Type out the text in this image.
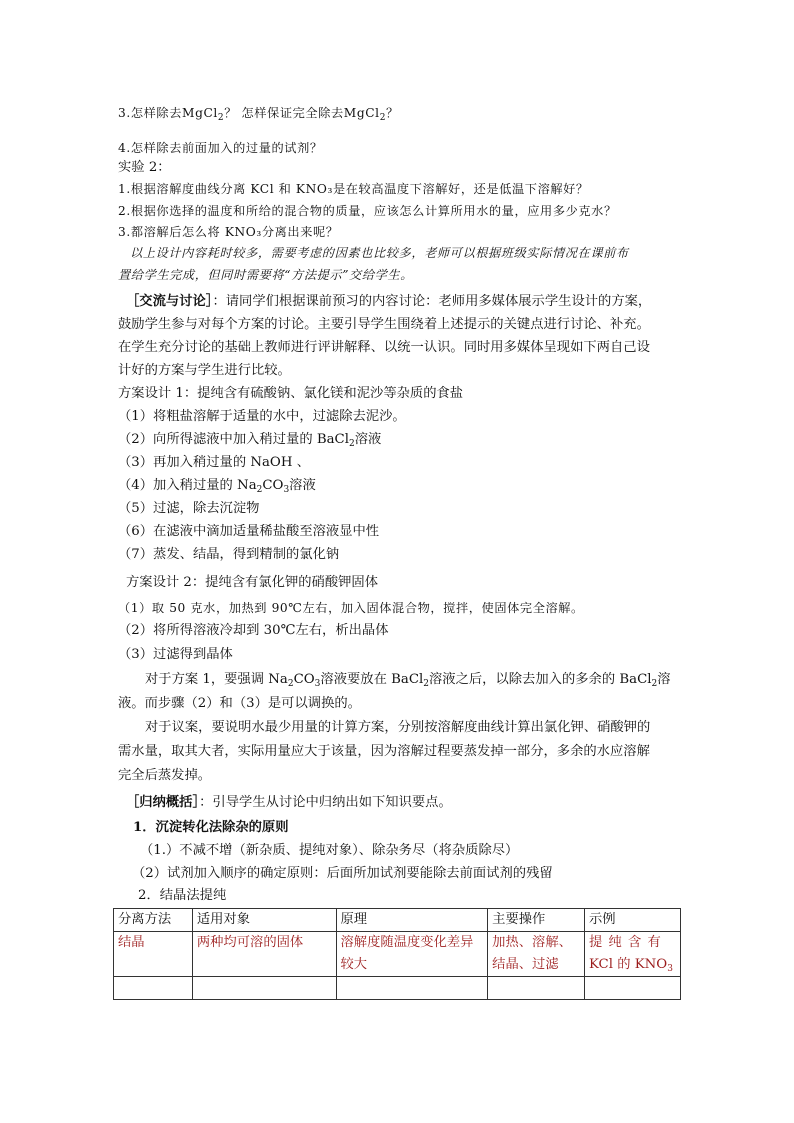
3.怎样除去MgCl$_2$？ 怎样保证完全除去MgCl$_2$？
4.怎样除去前面加入的过量的试剂？
实验 2：
1.根据溶解度曲线分离 KCl 和 KNO₃是在较高温度下溶解好，还是低温下溶解好？
2.根据你选择的温度和所给的混合物的质量，应该怎么计算所用水的量，应用多少克水？
3.都溶解后怎么将 KNO₃分离出来呢？
以上设计内容耗时较多，需要考虑的因素也比较多，老师可以根据班级实际情况在课前布
置给学生完成，但同时需要将“方法提示”交给学生。
［交流与讨论］：请同学们根据课前预习的内容讨论：老师用多媒体展示学生设计的方案，
鼓励学生参与对每个方案的讨论。主要引导学生围绕着上述提示的关键点进行讨论、补充。
在学生充分讨论的基础上教师进行评讲解释、以统一认识。同时用多媒体呈现如下两自己设
计好的方案与学生进行比较。
方案设计 1：提纯含有硫酸钠、氯化镁和泥沙等杂质的食盐
（1）将粗盐溶解于适量的水中，过滤除去泥沙。
（2）向所得滤液中加入稍过量的 BaCl$_2$溶液
（3）再加入稍过量的 NaOH 、
（4）加入稍过量的 $Na_2CO_3$溶液
（5）过滤，除去沉淀物
（6）在滤液中滴加适量稀盐酸至溶液显中性
（7）蒸发、结晶，得到精制的氯化钠
方案设计 2：提纯含有氯化钾的硝酸钾固体
（1）取 50 克水，加热到 90℃左右，加入固体混合物，搅拌，使固体完全溶解。
（2）将所得溶液冷却到 30℃左右，析出晶体
（3）过滤得到晶体
对于方案 1，要强调 $Na_2CO_3$溶液要放在 BaCl$_2$溶液之后，以除去加入的多余的 BaCl$_2$溶
液。而步骤（2）和（3）是可以调换的。
对于议案，要说明水最少用量的计算方案，分别按溶解度曲线计算出氯化钾、硝酸钾的
需水量，取其大者，实际用量应大于该量，因为溶解过程要蒸发掉一部分，多余的水应溶解
完全后蒸发掉。
［归纳概括］：引导学生从讨论中归纳出如下知识要点。
1．沉淀转化法除杂的原则
（1.）不减不增（新杂质、提纯对象）、除杂务尽（将杂质除尽）
（2）试剂加入顺序的确定原则：后面所加试剂要能除去前面试剂的残留
2．结晶法提纯
分离方法	适用对象	原理	主要操作	示例
结晶	两种均可溶的固体	溶解度随温度变化差异较大	加热、溶解、结晶、过滤	提 纯 含 有
KCl 的 $KNO_3$
